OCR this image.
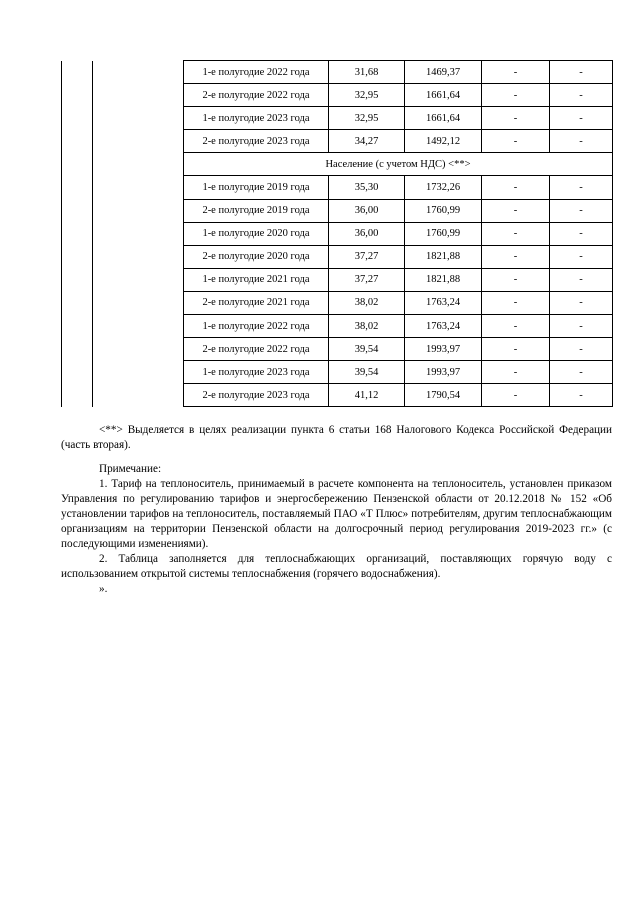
		1-е полугодие 2022 года	31,68	1469,37	-	-
		2-е полугодие 2022 года	32,95	1661,64	-	-
		1-е полугодие 2023 года	32,95	1661,64	-	-
		2-е полугодие 2023 года	34,27	1492,12	-	-
		Население (с учетом НДС) <**>				
		1-е полугодие 2019 года	35,30	1732,26	-	-
		2-е полугодие 2019 года	36,00	1760,99	-	-
		1-е полугодие 2020 года	36,00	1760,99	-	-
		2-е полугодие 2020 года	37,27	1821,88	-	-
		1-е полугодие 2021 года	37,27	1821,88	-	-
		2-е полугодие 2021 года	38,02	1763,24	-	-
		1-е полугодие 2022 года	38,02	1763,24	-	-
		2-е полугодие 2022 года	39,54	1993,97	-	-
		1-е полугодие 2023 года	39,54	1993,97	-	-
		2-е полугодие 2023 года	41,12	1790,54	-	-

<**> Выделяется в целях реализации пункта 6 статьи 168 Налогового Кодекса Российской Федерации (часть вторая).

Примечание:

1. Тариф на теплоноситель, принимаемый в расчете компонента на теплоноситель, установлен приказом Управления по регулированию тарифов и энергосбережению Пензенской области от 20.12.2018 № 152 «Об установлении тарифов на теплоноситель, поставляемый ПАО «Т Плюс» потребителям, другим теплоснабжающим организациям на территории Пензенской области на долгосрочный период регулирования 2019-2023 гг.» (с последующими изменениями).

2. Таблица заполняется для теплоснабжающих организаций, поставляющих горячую воду с использованием открытой системы теплоснабжения (горячего водоснабжения).

».
